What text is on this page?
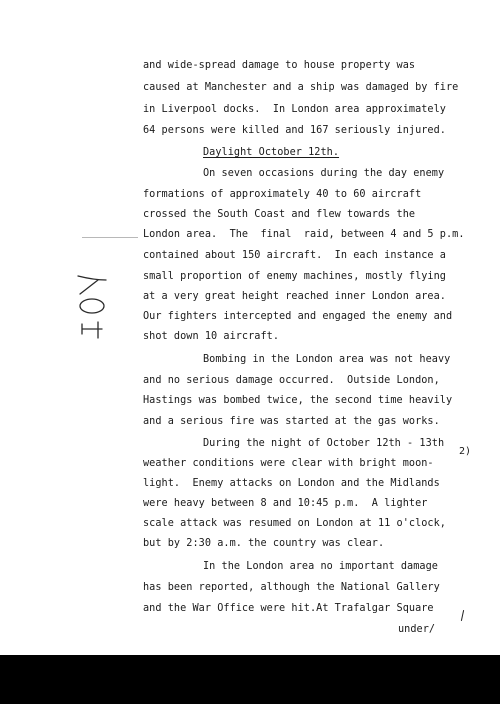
and wide-spread damage to house property was
caused at Manchester and a ship was damaged by fire
in Liverpool docks.  In London area approximately
64 persons were killed and 167 seriously injured.
Daylight October 12th.
On seven occasions during the day enemy
formations of approximately 40 to 60 aircraft
crossed the South Coast and flew towards the
London area.  The  final  raid, between 4 and 5 p.m.
contained about 150 aircraft.  In each instance a
small proportion of enemy machines, mostly flying
at a very great height reached inner London area.
Our fighters intercepted and engaged the enemy and
shot down 10 aircraft.
Bombing in the London area was not heavy
and no serious damage occurred.  Outside London,
Hastings was bombed twice, the second time heavily
and a serious fire was started at the gas works.
During the night of October 12th - 13th
weather conditions were clear with bright moon-
light.  Enemy attacks on London and the Midlands
were heavy between 8 and 10:45 p.m.  A lighter
scale attack was resumed on London at 11 o'clock,
but by 2:30 a.m. the country was clear.
In the London area no important damage
has been reported, although the National Gallery
and the War Office were hit.At Trafalgar Square
under/
2)
